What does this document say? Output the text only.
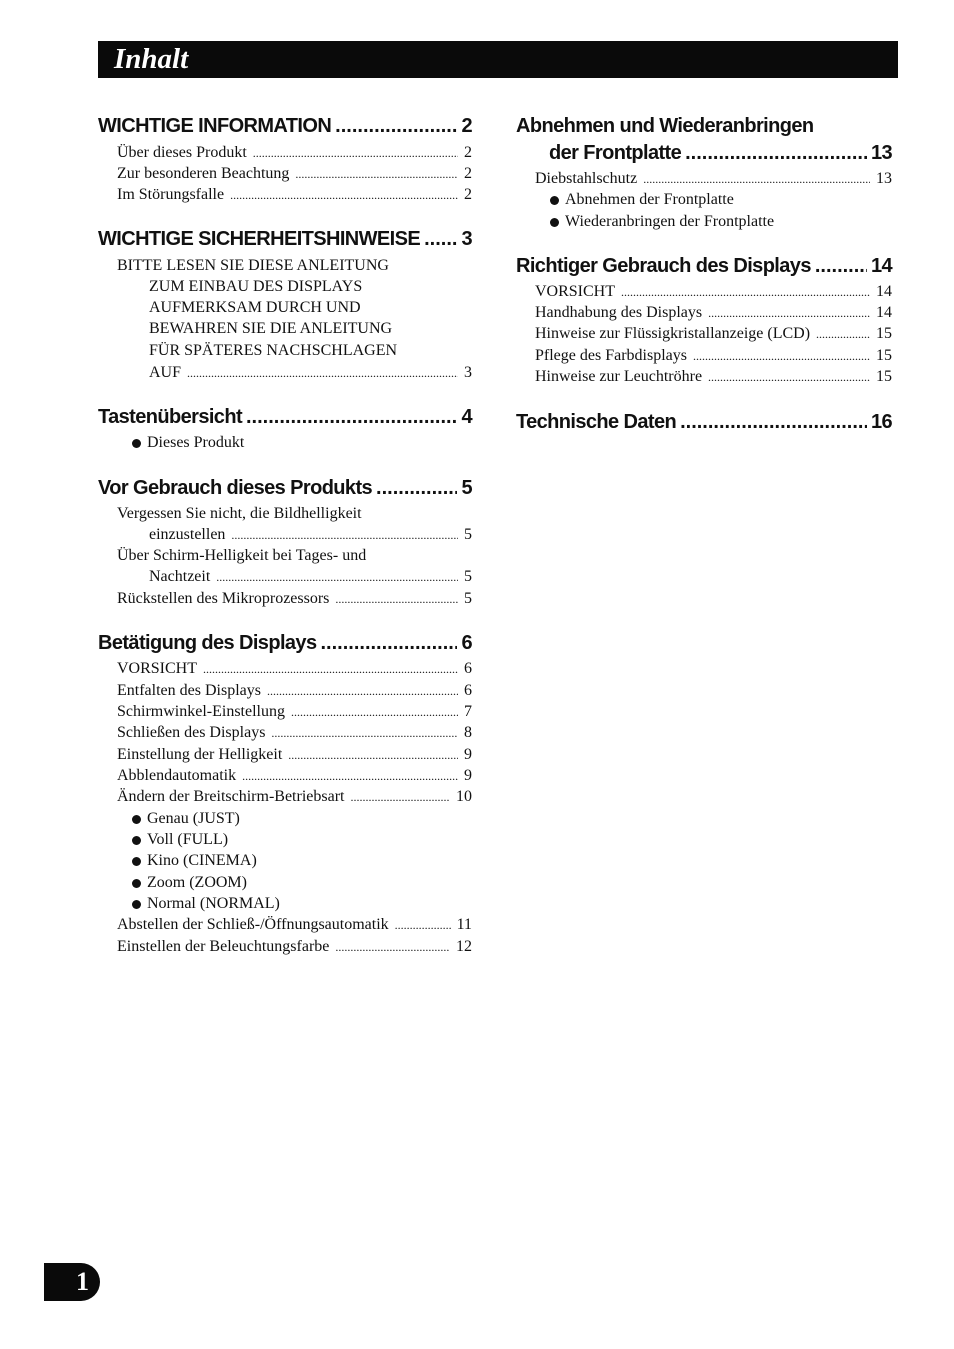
Inhalt
WICHTIGE INFORMATION .....	2
Über dieses Produkt .....	2
Zur besonderen Beachtung .....	2
Im Störungsfalle .....	2
WICHTIGE SICHERHEITSHINWEISE ..... 3
BITTE LESEN SIE DIESE ANLEITUNG
ZUM EINBAU DES DISPLAYS
AUFMERKSAM DURCH UND
BEWAHREN SIE DIE ANLEITUNG
FÜR SPÄTERES NACHSCHLAGEN
AUF .....	3
Tastenübersicht .....	4
Dieses Produkt
Vor Gebrauch dieses Produkts .....	5
Vergessen Sie nicht, die Bildhelligkeit
einzustellen .....	5
Über Schirm-Helligkeit bei Tages- und
Nachtzeit .....	5
Rückstellen des Mikroprozessors .....	5
Betätigung des Displays .....	6
VORSICHT .....	6
Entfalten des Displays .....	6
Schirmwinkel-Einstellung .....	7
Schließen des Displays .....	8
Einstellung der Helligkeit .....	9
Abblendautomatik .....	9
Ändern der Breitschirm-Betriebsart .....	10
Genau (JUST)
Voll (FULL)
Kino (CINEMA)
Zoom (ZOOM)
Normal (NORMAL)
Abstellen der Schließ-/Öffnungsautomatik .....	11
Einstellen der Beleuchtungsfarbe .....	12
Abnehmen und Wiederanbringen
der Frontplatte .....	13
Diebstahlschutz .....	13
Abnehmen der Frontplatte
Wiederanbringen der Frontplatte
Richtiger Gebrauch des Displays .....	14
VORSICHT .....	14
Handhabung des Displays .....	14
Hinweise zur Flüssigkristallanzeige (LCD) .....	15
Pflege des Farbdisplays .....	15
Hinweise zur Leuchtröhre .....	15
Technische Daten .....	16
1
